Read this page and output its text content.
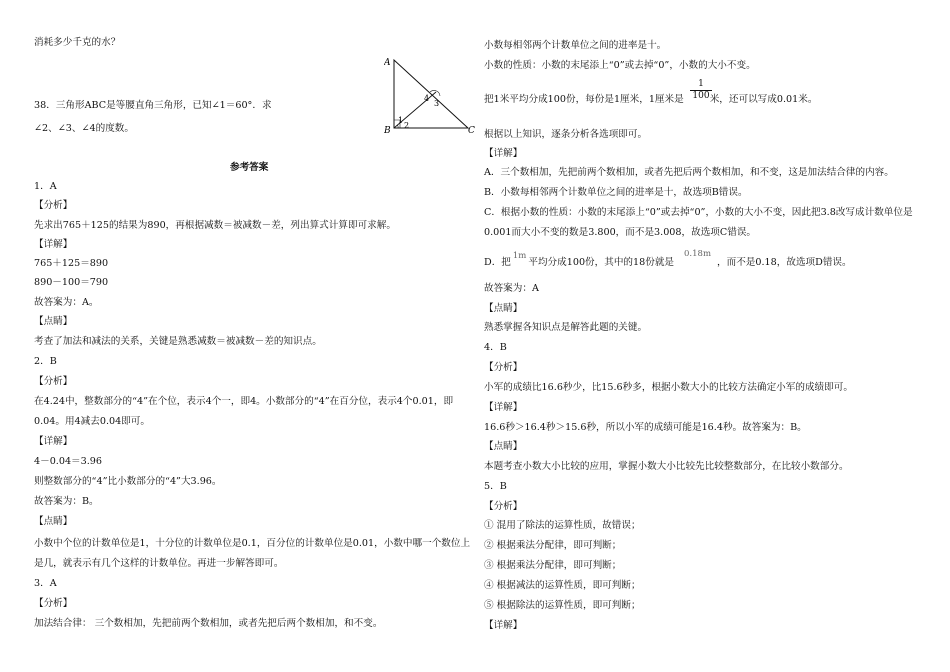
消耗多少千克的水？
A
B	C
1
2
3
4
38．三角形ABC是等腰直角三角形，已知∠1＝60°．求
∠2、∠3、∠4的度数。
参考答案
1．A
【分析】
先求出765＋125的结果为890，再根据减数＝被减数－差，列出算式计算即可求解。
【详解】
765＋125＝890
890－100＝790
故答案为：A。
【点睛】
考查了加法和减法的关系，关键是熟悉减数＝被减数－差的知识点。
2．B
【分析】
在4.24中，整数部分的“4”在个位，表示4个一，即4。小数部分的“4”在百分位，表示4个0.01，即
0.04。用4减去0.04即可。
【详解】
4－0.04＝3.96
则整数部分的“4”比小数部分的“4”大3.96。
故答案为：B。
【点睛】
小数中个位的计数单位是1，十分位的计数单位是0.1，百分位的计数单位是0.01，小数中哪一个数位上
是几，就表示有几个这样的计数单位。再进一步解答即可。
3．A
【分析】
加法结合律： 三个数相加，先把前两个数相加，或者先把后两个数相加，和不变。
小数每相邻两个计数单位之间的进率是十。
小数的性质：小数的末尾添上“0”或去掉“0”，小数的大小不变。
把1米平均分成100份，每份是1厘米，1厘米是	米，还可以写成0.01米。
$\frac{1}{100}$
根据以上知识，逐条分析各选项即可。
【详解】
A．三个数相加，先把前两个数相加，或者先把后两个数相加，和不变，这是加法结合律的内容。
B．小数每相邻两个计数单位之间的进率是十，故选项B错误。
C．根据小数的性质：小数的末尾添上“0”或去掉“0”，小数的大小不变，因此把3.8改写成计数单位是
0.001而大小不变的数是3.800，而不是3.008，故选项C错误。
D．把1m平均分成100份，其中的18份就是0.18m，而不是0.18，故选项D错误。
故答案为：A
【点睛】
熟悉掌握各知识点是解答此题的关键。
4．B
【分析】
小军的成绩比16.6秒少，比15.6秒多，根据小数大小的比较方法确定小军的成绩即可。
【详解】
16.6秒＞16.4秒＞15.6秒，所以小军的成绩可能是16.4秒。故答案为：B。
【点睛】
本题考查小数大小比较的应用，掌握小数大小比较先比较整数部分，在比较小数部分。
5．B
【分析】
① 混用了除法的运算性质，故错误；
② 根据乘法分配律，即可判断；
③ 根据乘法分配律，即可判断；
④ 根据减法的运算性质，即可判断；
⑤ 根据除法的运算性质，即可判断；
【详解】
